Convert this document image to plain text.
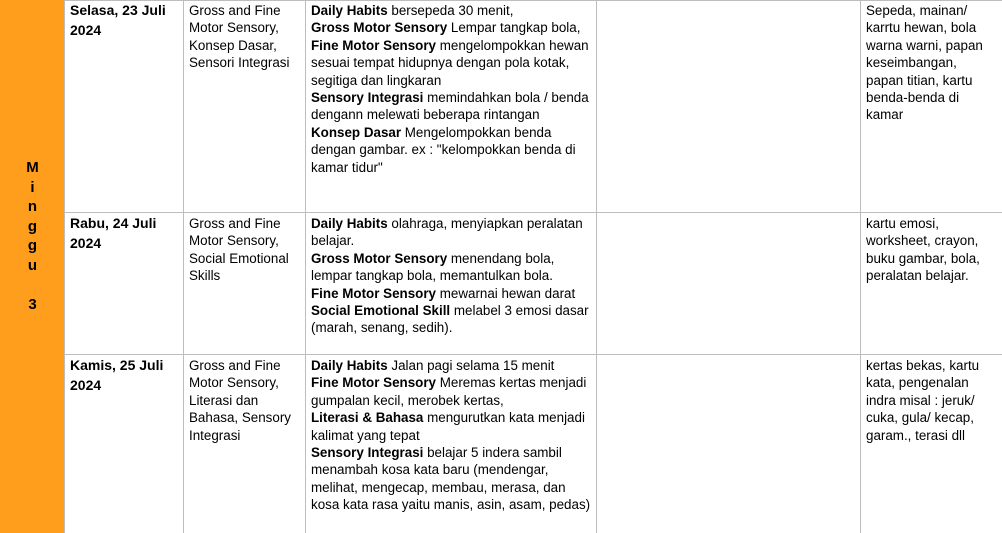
M
i
n
g
g
u
3
Selasa, 23 Juli 2024
Gross and Fine Motor Sensory, Konsep Dasar, Sensori Integrasi
Daily Habits bersepeda 30 menit,
Gross Motor Sensory Lempar tangkap bola,
Fine Motor Sensory mengelompokkan hewan sesuai tempat hidupnya dengan pola kotak, segitiga dan lingkaran
Sensory Integrasi memindahkan bola / benda dengann melewati beberapa rintangan
Konsep Dasar Mengelompokkan benda dengan gambar. ex : "kelompokkan benda di kamar tidur"
Sepeda, mainan/ karrtu hewan, bola warna warni, papan keseimbangan, papan titian, kartu benda-benda di kamar
Rabu, 24 Juli 2024
Gross and Fine Motor Sensory, Social Emotional Skills
Daily Habits olahraga, menyiapkan peralatan belajar.
Gross Motor Sensory menendang bola, lempar tangkap bola, memantulkan bola.
Fine Motor Sensory mewarnai hewan darat
Social Emotional Skill melabel 3 emosi dasar (marah, senang, sedih).
kartu emosi, worksheet, crayon, buku gambar, bola, peralatan belajar.
Kamis, 25 Juli 2024
Gross and Fine Motor Sensory, Literasi dan Bahasa, Sensory Integrasi
Daily Habits Jalan pagi selama 15 menit
Fine Motor Sensory Meremas kertas menjadi gumpalan kecil, merobek kertas,
Literasi & Bahasa mengurutkan kata menjadi kalimat yang tepat
Sensory Integrasi belajar 5 indera sambil menambah kosa kata baru (mendengar, melihat, mengecap, membau, merasa, dan kosa kata rasa yaitu manis, asin, asam, pedas)
kertas bekas, kartu kata, pengenalan indra misal : jeruk/ cuka, gula/ kecap, garam., terasi dll
